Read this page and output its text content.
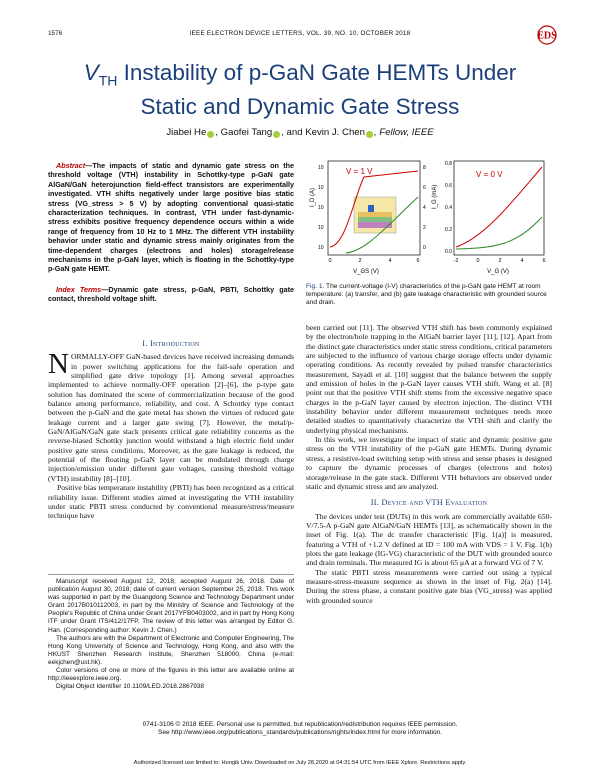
1576	IEEE ELECTRON DEVICE LETTERS, VOL. 39, NO. 10, OCTOBER 2018	EDS
$V_{TH}$ Instability of p-GaN Gate HEMTs Under
Static and Dynamic Gate Stress
Jiabei He , Gaofei Tang , and Kevin J. Chen , Fellow, IEEE
Abstract—The impacts of static and dynamic gate stress on the threshold voltage (VTH) instability in Schottky-type p-GaN gate AlGaN/GaN heterojunction field-effect transistors are experimentally investigated. VTH shifts negatively under large positive bias static stress (VG_stress > 5 V) by adopting conventional quasi-static characterization techniques. In contrast, VTH under fast-dynamic-stress exhibits positive frequency dependence occurs within a wide range of frequency from 10 Hz to 1 MHz. The different VTH instability behavior under static and dynamic stress mainly originates from the time-dependent charges (electrons and holes) storage/release mechanisms in the p-GaN layer, which is floating in the Schottky-type p-GaN gate HEMT.
Index Terms—Dynamic gate stress, p-GaN, PBTI, Schottky gate contact, threshold voltage shift.
I. Introduction

NORMALLY-OFF GaN-based devices have received increasing demands in power switching applications for the fail-safe operation and simplified gate drive topology [1]. Among several approaches implemented to achieve normally-OFF operation [2]–[6], the p-type gate solution has dominated the scene of commercialization because of the good balance among performance, reliability, and cost. A Schottky type contact between the p-GaN and the gate metal has shown the virtues of reduced gate leakage current and a larger gate swing [7]. However, the metal/p-GaN/AlGaN/GaN gate stack presents critical gate reliability concerns as the reverse-biased Schottky junction would withstand a high electric field under positive gate stress conditions. Moreover, as the gate leakage is reduced, the potential of the floating p-GaN layer can be modulated through charge injection/emission under different gate voltages, causing threshold voltage (VTH) instability [8]–[10].

Positive bias temperature instability (PBTI) has been recognized as a critical reliability issue. Different studies aimed at investigating the VTH instability under static PBTI stress conducted by conventional measure/stress/measure technique have

Manuscript received August 12, 2018; accepted August 26, 2018. Date of publication August 30, 2018; date of current version September 25, 2018. This work was supported in part by the Guangdong Science and Technology Department under Grant 2017B010112003, in part by the Ministry of Science and Technology of the People's Republic of China under Grant 2017YFB0403002, and in part by Hong Kong ITF under Grant ITS/412/17FP. The review of this letter was arranged by Editor G. Han. (Corresponding author: Kevin J. Chen.)

The authors are with the Department of Electronic and Computer Engineering, The Hong Kong University of Science and Technology, Hong Kong, and also with the HKUST Shenzhen Research Institute, Shenzhen 518000, China (e-mail: eekjchen@ust.hk).

Color versions of one or more of the figures in this letter are available online at http://ieeexplore.ieee.org.

Digital Object Identifier 10.1109/LED.2018.2867938

V = 1 V
I_D (A)
V_GS (V)
0	2	4	6
10
10
10
10
10
8
6
4
2
0
V = 0 V
I_G (mA)
V_G (V)
-2	0	2	4	6
0.0
0.2
0.4
0.6
0.8
Fig. 1. The current-voltage (I-V) characteristics of the p-GaN gate HEMT at room temperature: (a) transfer, and (b) gate leakage characteristic with grounded source and drain.

been carried out [11]. The observed VTH shift has been commonly explained by the electron/hole trapping in the AlGaN barrier layer [11], [12]. Apart from the distinct gate characteristics under static stress conditions, critical parameters are subjected to the influence of various charge storage effects under dynamic operating conditions. As recently revealed by pulsed transfer characteristics measurement, Sayadi et al. [10] suggest that the balance between the supply and emission of holes in the p-GaN layer causes VTH shift. Wang et al. [8] point out that the positive VTH shift stems from the excessive negative space charges in the p-GaN layer caused by electron injection. The distinct VTH instability behavior under different measurement techniques needs more detailed studies to quantitatively characterize the VTH shift and clarify the underlying physical mechanisms.

In this work, we investigate the impact of static and dynamic positive gate stress on the VTH instability of the p-GaN gate HEMTs. During dynamic stress, a resistive-load switching setup with stress and sense phases is designed to capture the dynamic processes of charges (electrons and holes) storage/release in the gate stack. Different VTH behaviors are observed under static and dynamic stress and are analyzed.

II. Device and VTH Evaluation

The devices under test (DUTs) in this work are commercially available 650-V/7.5-A p-GaN gate AlGaN/GaN HEMTs [13], as schematically shown in the inset of Fig. 1(a). The dc transfer characteristic [Fig. 1(a)] is measured, featuring a VTH of +1.2 V defined at ID = 100 mA with VDS = 1 V. Fig. 1(b) plots the gate leakage (IG-VG) characteristic of the DUT with grounded source and drain terminals. The measured IG is about 65 μA at a forward VG of 7 V.

The static PBTI stress measurements were carried out using a typical measure-stress-measure sequence as shown in the inset of Fig. 2(a) [14]. During the stress phase, a constant positive gate bias (VG_stress) was applied with grounded source

0741-3106 © 2018 IEEE. Personal use is permitted, but republication/redistribution requires IEEE permission.
See http://www.ieee.org/publications_standards/publications/rights/index.html for more information.
Authorized licensed use limited to: Hongik Univ. Downloaded on July 28,2020 at 04:31:54 UTC from IEEE Xplore. Restrictions apply.
